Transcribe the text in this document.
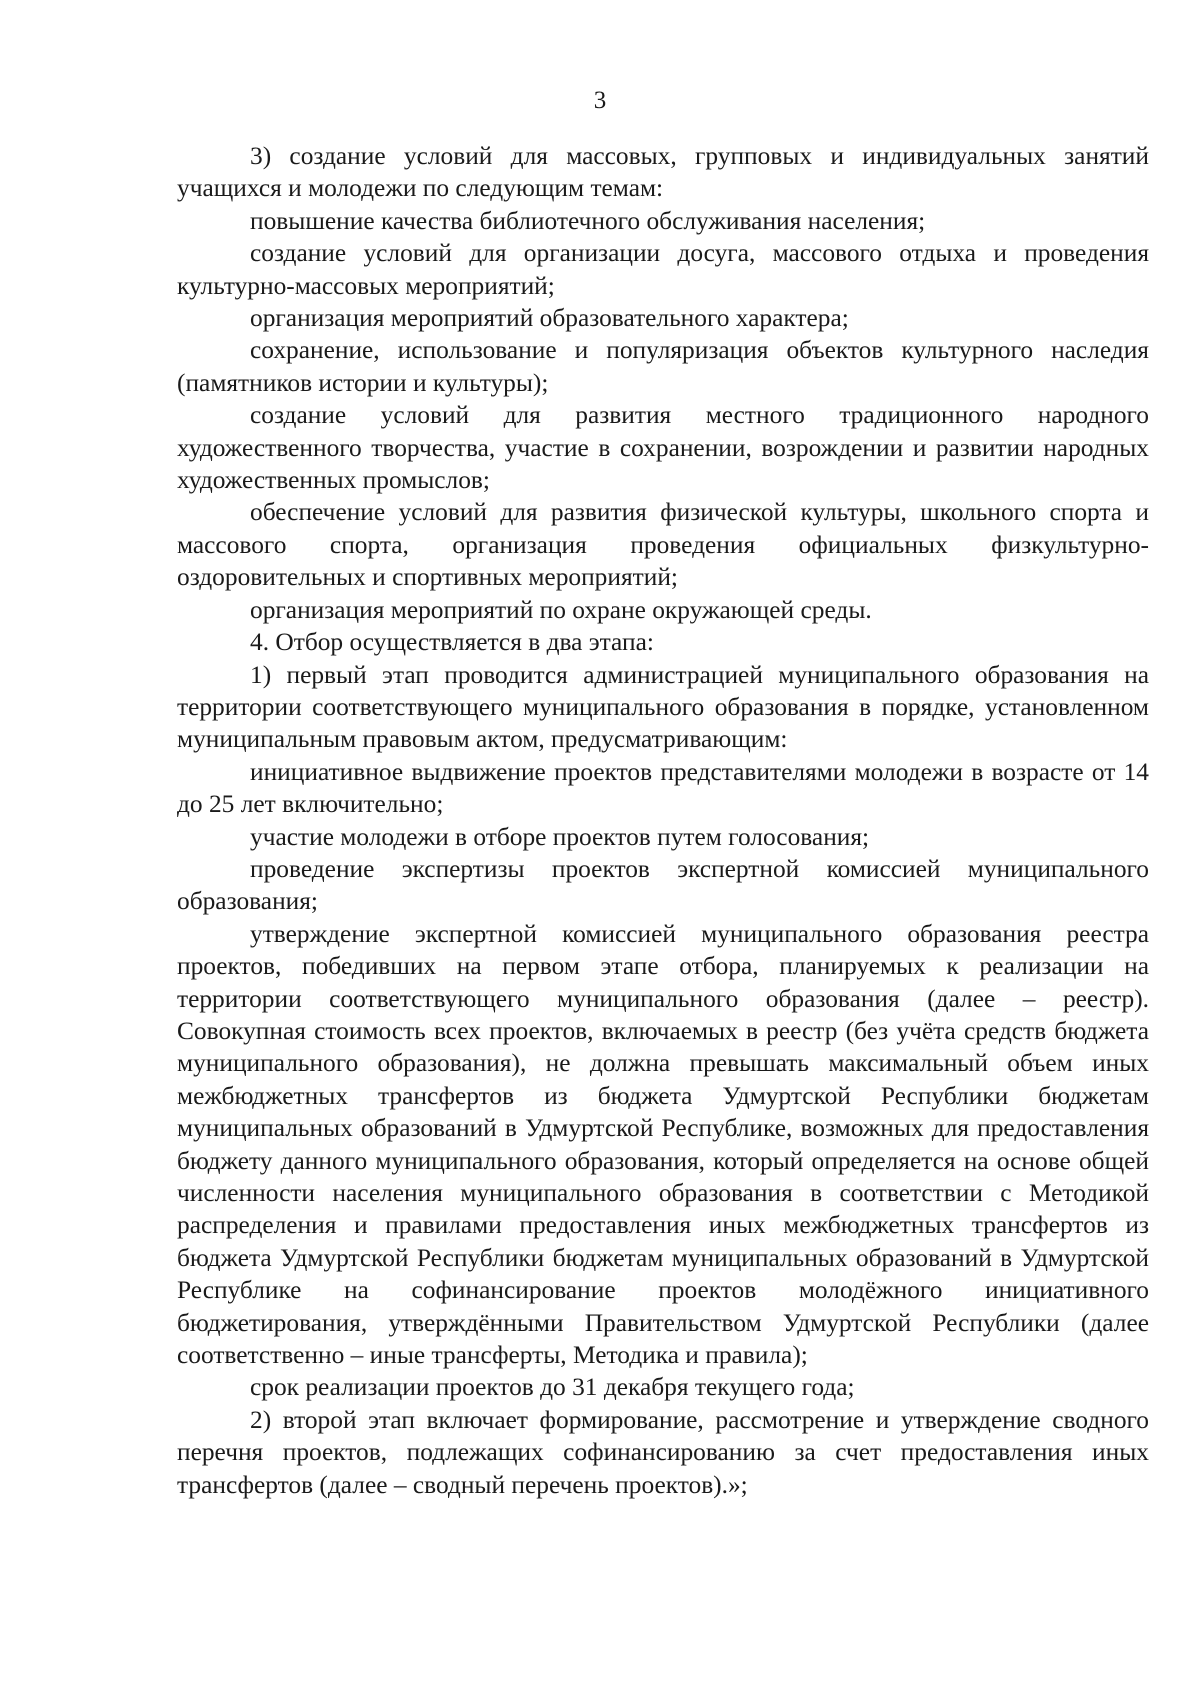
3

3) создание условий для массовых, групповых и индивидуальных занятий учащихся и молодежи по следующим темам:

повышение качества библиотечного обслуживания населения;

создание условий для организации досуга, массового отдыха и проведения культурно-массовых мероприятий;

организация мероприятий образовательного характера;

сохранение, использование и популяризация объектов культурного наследия (памятников истории и культуры);

создание условий для развития местного традиционного народного художественного творчества, участие в сохранении, возрождении и развитии народных художественных промыслов;

обеспечение условий для развития физической культуры, школьного спорта и массового спорта, организация проведения официальных физкультурно-оздоровительных и спортивных мероприятий;

организация мероприятий по охране окружающей среды.

4. Отбор осуществляется в два этапа:

1) первый этап проводится администрацией муниципального образования на территории соответствующего муниципального образования в порядке, установленном муниципальным правовым актом, предусматривающим:

инициативное выдвижение проектов представителями молодежи в возрасте от 14 до 25 лет включительно;

участие молодежи в отборе проектов путем голосования;

проведение экспертизы проектов экспертной комиссией муниципального образования;

утверждение экспертной комиссией муниципального образования реестра проектов, победивших на первом этапе отбора, планируемых к реализации на территории соответствующего муниципального образования (далее – реестр). Совокупная стоимость всех проектов, включаемых в реестр (без учёта средств бюджета муниципального образования), не должна превышать максимальный объем иных межбюджетных трансфертов из бюджета Удмуртской Республики бюджетам муниципальных образований в Удмуртской Республике, возможных для предоставления бюджету данного муниципального образования, который определяется на основе общей численности населения муниципального образования в соответствии с Методикой распределения и правилами предоставления иных межбюджетных трансфертов из бюджета Удмуртской Республики бюджетам муниципальных образований в Удмуртской Республике на софинансирование проектов молодёжного инициативного бюджетирования, утверждёнными Правительством Удмуртской Республики (далее соответственно – иные трансферты, Методика и правила);

срок реализации проектов до 31 декабря текущего года;

2) второй этап включает формирование, рассмотрение и утверждение сводного перечня проектов, подлежащих софинансированию за счет предоставления иных трансфертов (далее – сводный перечень проектов).»;
